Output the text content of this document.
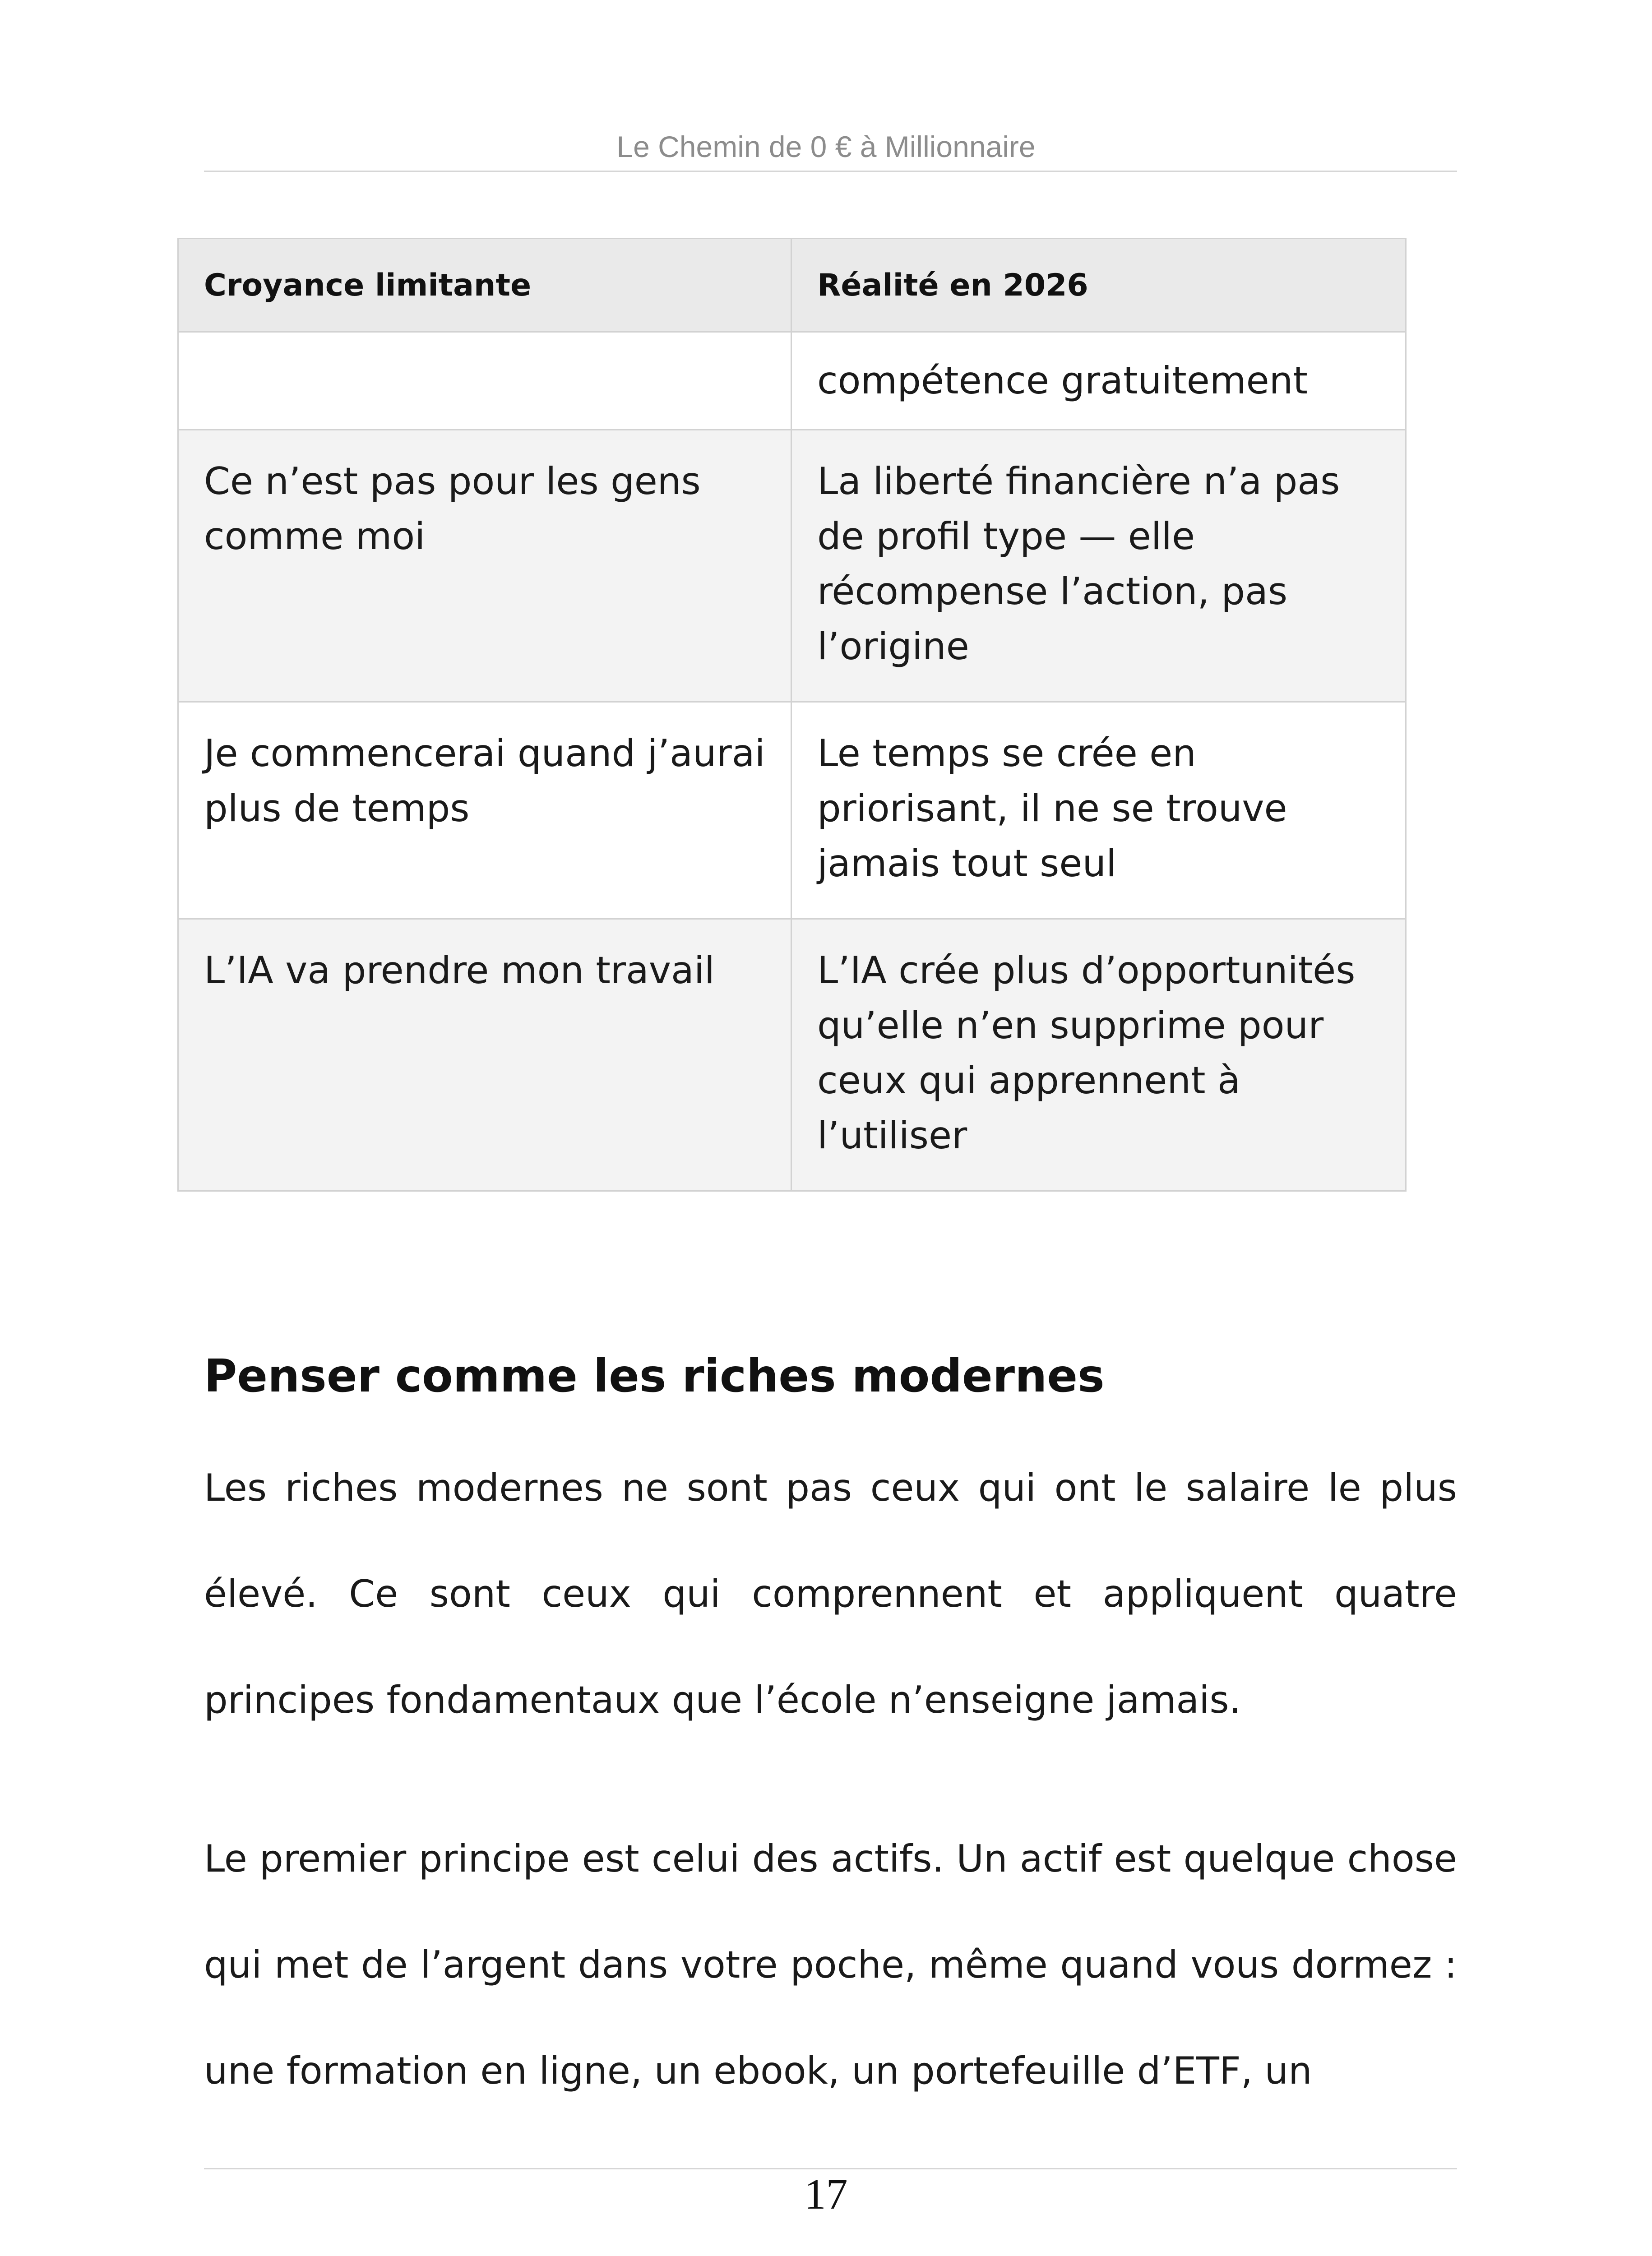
Le Chemin de 0 € à Millionnaire
Croyance limitante	Réalité en 2026
	compétence gratuitement
Ce n’est pas pour les gens comme moi	La liberté financière n’a pas de profil type — elle récompense l’action, pas l’origine
Je commencerai quand j’aurai plus de temps	Le temps se crée en priorisant, il ne se trouve jamais tout seul
L’IA va prendre mon travail	L’IA crée plus d’opportunités qu’elle n’en supprime pour ceux qui apprennent à l’utiliser
Penser comme les riches modernes

Les riches modernes ne sont pas ceux qui ont le salaire le plus élevé. Ce sont ceux qui comprennent et appliquent quatre principes fondamentaux que l’école n’enseigne jamais.

Le premier principe est celui des actifs. Un actif est quelque chose qui met de l’argent dans votre poche, même quand vous dormez : une formation en ligne, un ebook, un portefeuille d’ETF, un

17
